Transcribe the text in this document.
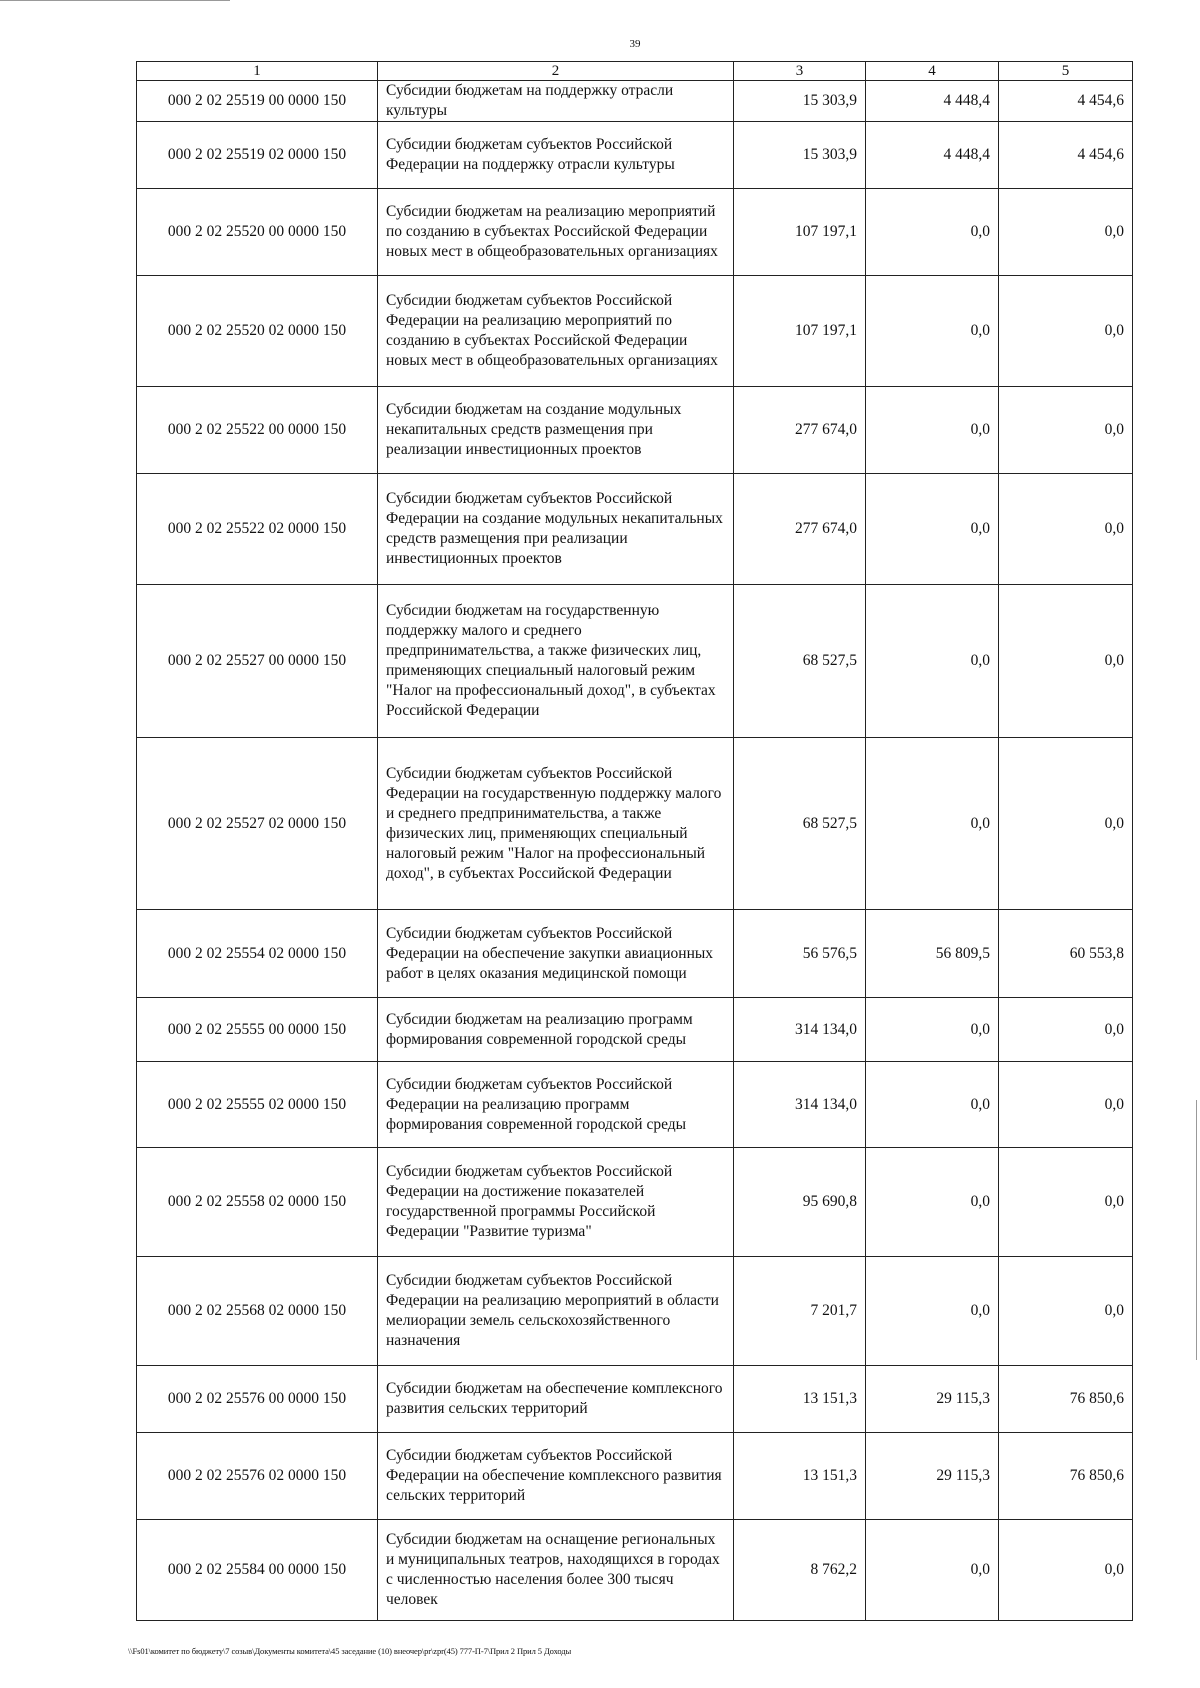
39
1	2	3	4	5
000 2 02 25519 00 0000 150	Субсидии бюджетам на поддержку отрасли культуры	15 303,9	4 448,4	4 454,6
000 2 02 25519 02 0000 150	Субсидии бюджетам субъектов Российской Федерации на поддержку отрасли культуры	15 303,9	4 448,4	4 454,6
000 2 02 25520 00 0000 150	Субсидии бюджетам на реализацию мероприятий по созданию в субъектах Российской Федерации новых мест в общеобразовательных организациях	107 197,1	0,0	0,0
000 2 02 25520 02 0000 150	Субсидии бюджетам субъектов Российской Федерации на реализацию мероприятий по созданию в субъектах Российской Федерации новых мест в общеобразовательных организациях	107 197,1	0,0	0,0
000 2 02 25522 00 0000 150	Субсидии бюджетам на создание модульных некапитальных средств размещения при реализации инвестиционных проектов	277 674,0	0,0	0,0
000 2 02 25522 02 0000 150	Субсидии бюджетам субъектов Российской Федерации на создание модульных некапитальных средств размещения при реализации инвестиционных проектов	277 674,0	0,0	0,0
000 2 02 25527 00 0000 150	Субсидии бюджетам на государственную поддержку малого и среднего предпринимательства, а также физических лиц, применяющих специальный налоговый режим "Налог на профессиональный доход", в субъектах Российской Федерации	68 527,5	0,0	0,0
000 2 02 25527 02 0000 150	Субсидии бюджетам субъектов Российской Федерации на государственную поддержку малого и среднего предпринимательства, а также физических лиц, применяющих специальный налоговый режим "Налог на профессиональный доход", в субъектах Российской Федерации	68 527,5	0,0	0,0
000 2 02 25554 02 0000 150	Субсидии бюджетам субъектов Российской Федерации на обеспечение закупки авиационных работ в целях оказания медицинской помощи	56 576,5	56 809,5	60 553,8
000 2 02 25555 00 0000 150	Субсидии бюджетам на реализацию программ формирования современной городской среды	314 134,0	0,0	0,0
000 2 02 25555 02 0000 150	Субсидии бюджетам субъектов Российской Федерации на реализацию программ формирования современной городской среды	314 134,0	0,0	0,0
000 2 02 25558 02 0000 150	Субсидии бюджетам субъектов Российской Федерации на достижение показателей государственной программы Российской Федерации "Развитие туризма"	95 690,8	0,0	0,0
000 2 02 25568 02 0000 150	Субсидии бюджетам субъектов Российской Федерации на реализацию мероприятий в области мелиорации земель сельскохозяйственного назначения	7 201,7	0,0	0,0
000 2 02 25576 00 0000 150	Субсидии бюджетам на обеспечение комплексного развития сельских территорий	13 151,3	29 115,3	76 850,6
000 2 02 25576 02 0000 150	Субсидии бюджетам субъектов Российской Федерации на обеспечение комплексного развития сельских территорий	13 151,3	29 115,3	76 850,6
000 2 02 25584 00 0000 150	Субсидии бюджетам на оснащение региональных и муниципальных театров, находящихся в городах с численностью населения более 300 тысяч человек	8 762,2	0,0	0,0
\\Fs01\комитет по бюджету\7 созыв\Документы комитета\45 заседание (10) внеочер\pr\zpr(45) 777-П-7\Прил 2 Прил 5 Доходы
